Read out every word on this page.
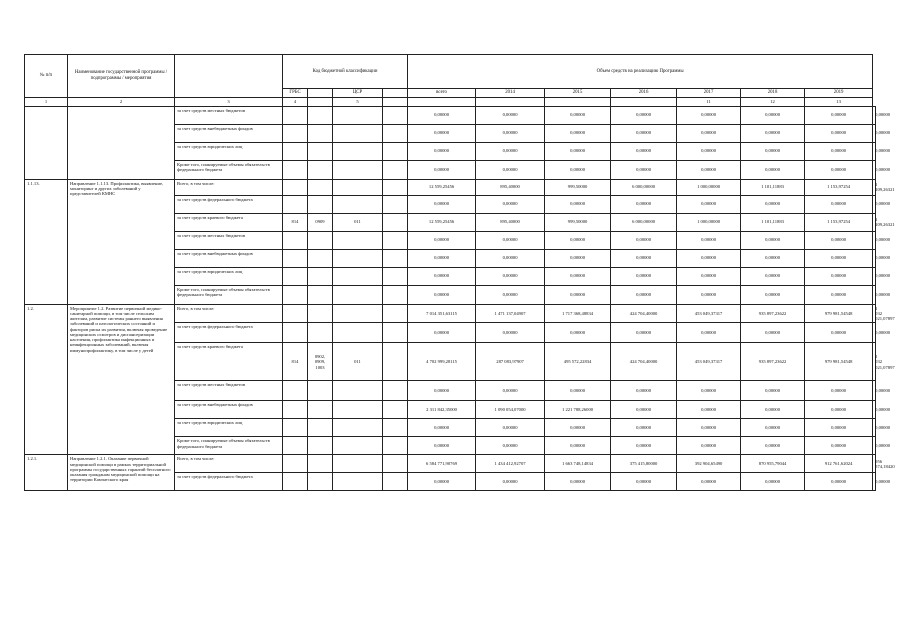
№ п/п	Наименование государственной программы / подпрограммы / мероприятия		Код бюджетной классификации				Объем средств на реализацию Программы							
			ГРБС		ЦСР		всего	2014	2015	2016	2017	2018	2019	
1	2	3	4		5						11	12	13	
		за счет средств местных бюджетов					0,00000	0,00000	0,00000	0,00000	0,00000	0,00000	0,00000	0,00000
		за счет средств внебюджетных фондов					0,00000	0,00000	0,00000	0,00000	0,00000	0,00000	0,00000	0,00000
		за счет средств юридических лиц					0,00000	0,00000	0,00000	0,00000	0,00000	0,00000	0,00000	0,00000
		Кроме того, планируемые объемы обязательств федерального бюджета					0,00000	0,00000	0,00000	0,00000	0,00000	0,00000	0,00000	0,00000
1.1.13.	Направление 1.1.13. Профилактика, выявление, мониторинг и других заболеваний у представителей КМНС	Всего, в том числе:					12 559,25456	895,40000	999,50000	6 000,00000	1 000,00000	1 101,11883	1 153,97254	1 209,26321
		за счет средств федерального бюджета					0,00000	0,00000	0,00000	0,00000	0,00000	0,00000	0,00000	0,00000
		за счет средств краевого бюджета	814	0909	011		12 559,25456	895,40000	999,50000	6 000,00000	1 000,00000	1 101,11883	1 153,97254	1 209,26321
		за счет средств местных бюджетов					0,00000	0,00000	0,00000	0,00000	0,00000	0,00000	0,00000	0,00000
		за счет средств внебюджетных фондов					0,00000	0,00000	0,00000	0,00000	0,00000	0,00000	0,00000	0,00000
		за счет средств юридических лиц					0,00000	0,00000	0,00000	0,00000	0,00000	0,00000	0,00000	0,00000
		Кроме того, планируемые объемы обязательств федерального бюджета					0,00000	0,00000	0,00000	0,00000	0,00000	0,00000	0,00000	0,00000
1.2.	Мероприятие 1.2. Развитие первичной медико-санитарной помощи, в том числе сельским жителям, развитие системы раннего выявления заболеваний и патологических состояний и факторов риска их развития, включая проведение медицинских осмотров и диспансеризации населения, профилактика инфекционных и неинфекционных заболеваний, включая иммунопрофилактику, в том числе у детей	Всего, в том числе:					7 014 351,63115	1 471 137,04907	1 717 368,48834	424 704,40000	453 049,37317	935 897,23622	979 981,54548	1 032 021,07897
		за счет средств федерального бюджета					0,00000	0,00000	0,00000	0,00000	0,00000	0,00000	0,00000	0,00000
		за счет средств краевого бюджета	814	0902, 0909, 1003	011		4 702 999,28115	287 083,97907	495 572,22834	424 704,40000	453 049,37317	935 897,23622	979 981,54548	1 032 021,07897
		за счет средств местных бюджетов					0,00000	0,00000	0,00000	0,00000	0,00000	0,00000	0,00000	0,00000
		за счет средств внебюджетных фондов					2 311 842,35000	1 090 054,07000	1 221 788,26000	0,00000	0,00000	0,00000	0,00000	0,00000
		за счет средств юридических лиц					0,00000	0,00000	0,00000	0,00000	0,00000	0,00000	0,00000	0,00000
		Кроме того, планируемые объемы обязательств федерального бюджета					0,00000	0,00000	0,00000	0,00000	0,00000	0,00000	0,00000	0,00000
1.2.1.	Направление 1.2.1. Оказание первичной медицинской помощи в рамках территориальной программы государственных гарантий бесплатного оказания гражданам медицинской помощи на территории Камчатского края	Всего, в том числе:					6 584 771,90769	1 434 412,92707	1 663 748,14834	375 415,80000	392 904,65490	870 955,79044	912 761,62024	956 574,18420
		за счет средств федерального бюджета					0,00000	0,00000	0,00000	0,00000	0,00000	0,00000	0,00000	0,00000
